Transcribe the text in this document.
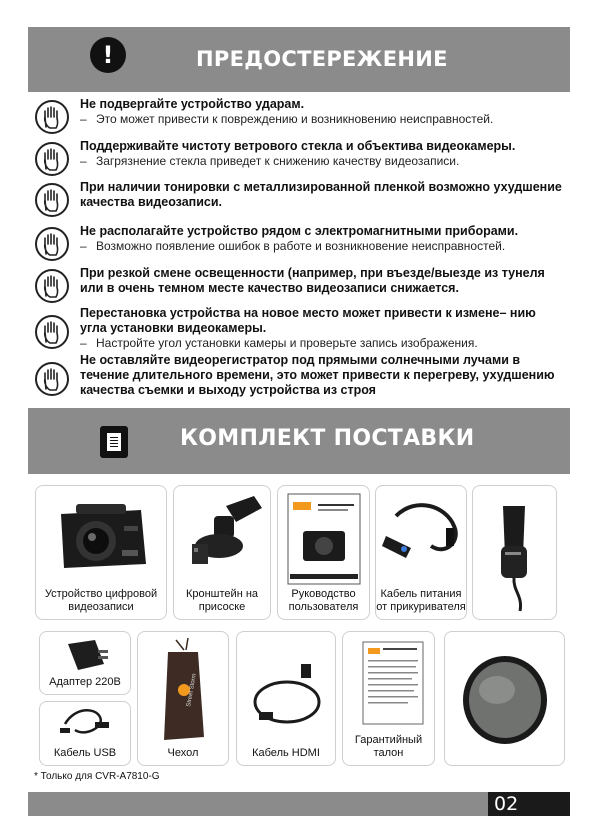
!	ПРЕДОСТЕРЕЖЕНИЕ
Не подвергайте устройство ударам.
– Это может привести к повреждению и возникновению неисправностей.
Поддерживайте чистоту ветрового стекла и объектива видеокамеры.
– Загрязнение стекла приведет к снижению качеству видеозаписи.
При наличии тонировки с металлизированной пленкой возможно ухудшение качества видеозаписи.
Не располагайте устройство рядом с электромагнитными приборами.
– Возможно появление ошибок в работе и возникновение неисправностей.
При резкой смене освещенности (например, при въезде/выезде из тунеля или в очень темном месте качество видеозаписи снижается.
Перестановка устройства на новое место может привести к измене– нию угла установки видеокамеры.
– Настройте угол установки камеры и проверьте запись изображения.
Не оставляйте видеорегистратор под прямыми солнечными лучами в течение длительного времени, это может привести к перегреву, ухудшению качества съемки и выходу устройства из строя
КОМПЛЕКТ ПОСТАВКИ
Устройство цифровой видеозаписи
Кронштейн на присоске
Руководство пользователя
Кабель питания от прикуривателя
Адаптер 220В
Кабель USB
Street Storm
Чехол	Кабель HDMI
Гарантийный талон
* Только для CVR-A7810-G
02
